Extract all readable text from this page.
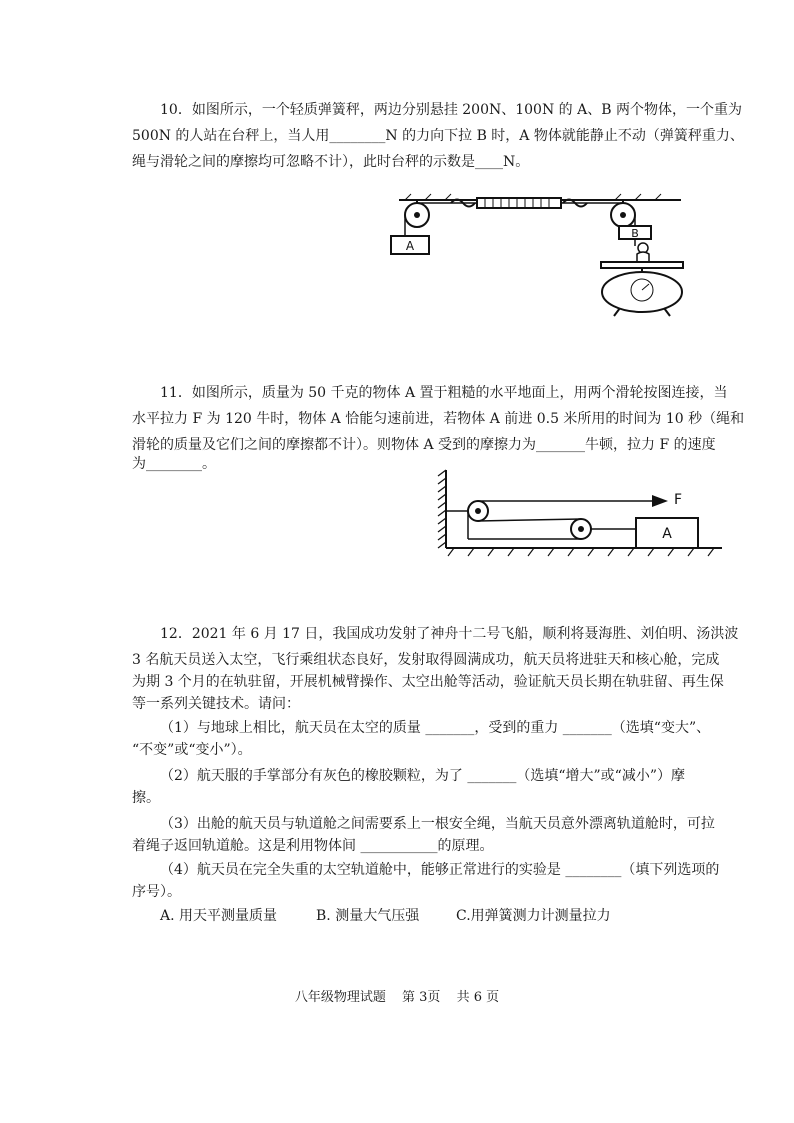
10．如图所示，一个轻质弹簧秤，两边分别悬挂 200N、100N 的 A、B 两个物体，一个重为
500N 的人站在台秤上，当人用________N 的力向下拉 B 时，A 物体就能静止不动（弹簧秤重力、
绳与滑轮之间的摩擦均可忽略不计），此时台秤的示数是____N。
A
B
11．如图所示，质量为 50 千克的物体 A 置于粗糙的水平地面上，用两个滑轮按图连接，当
水平拉力 F 为 120 牛时，物体 A 恰能匀速前进，若物体 A 前进 0.5 米所用的时间为 10 秒（绳和
滑轮的质量及它们之间的摩擦都不计）。则物体 A 受到的摩擦力为_______牛顿，拉力 F 的速度
为________。
F
A
12．2021 年 6 月 17 日，我国成功发射了神舟十二号飞船，顺利将聂海胜、刘伯明、汤洪波
3 名航天员送入太空，飞行乘组状态良好，发射取得圆满成功，航天员将进驻天和核心舱，完成
为期 3 个月的在轨驻留，开展机械臂操作、太空出舱等活动，验证航天员长期在轨驻留、再生保
等一系列关键技术。请问：
（1）与地球上相比，航天员在太空的质量 _______，受到的重力 _______（选填“变大”、
“不变”或“变小”）。
（2）航天服的手掌部分有灰色的橡胶颗粒，为了 _______（选填“增大”或“减小”）摩
擦。
（3）出舱的航天员与轨道舱之间需要系上一根安全绳，当航天员意外漂离轨道舱时，可拉
着绳子返回轨道舱。这是利用物体间 ___________的原理。
（4）航天员在完全失重的太空轨道舱中，能够正常进行的实验是 ________（填下列选项的
序号）。
A. 用天平测量质量	B. 测量大气压强	C.用弹簧测力计测量拉力
八年级物理试题 第 3页 共 6 页
